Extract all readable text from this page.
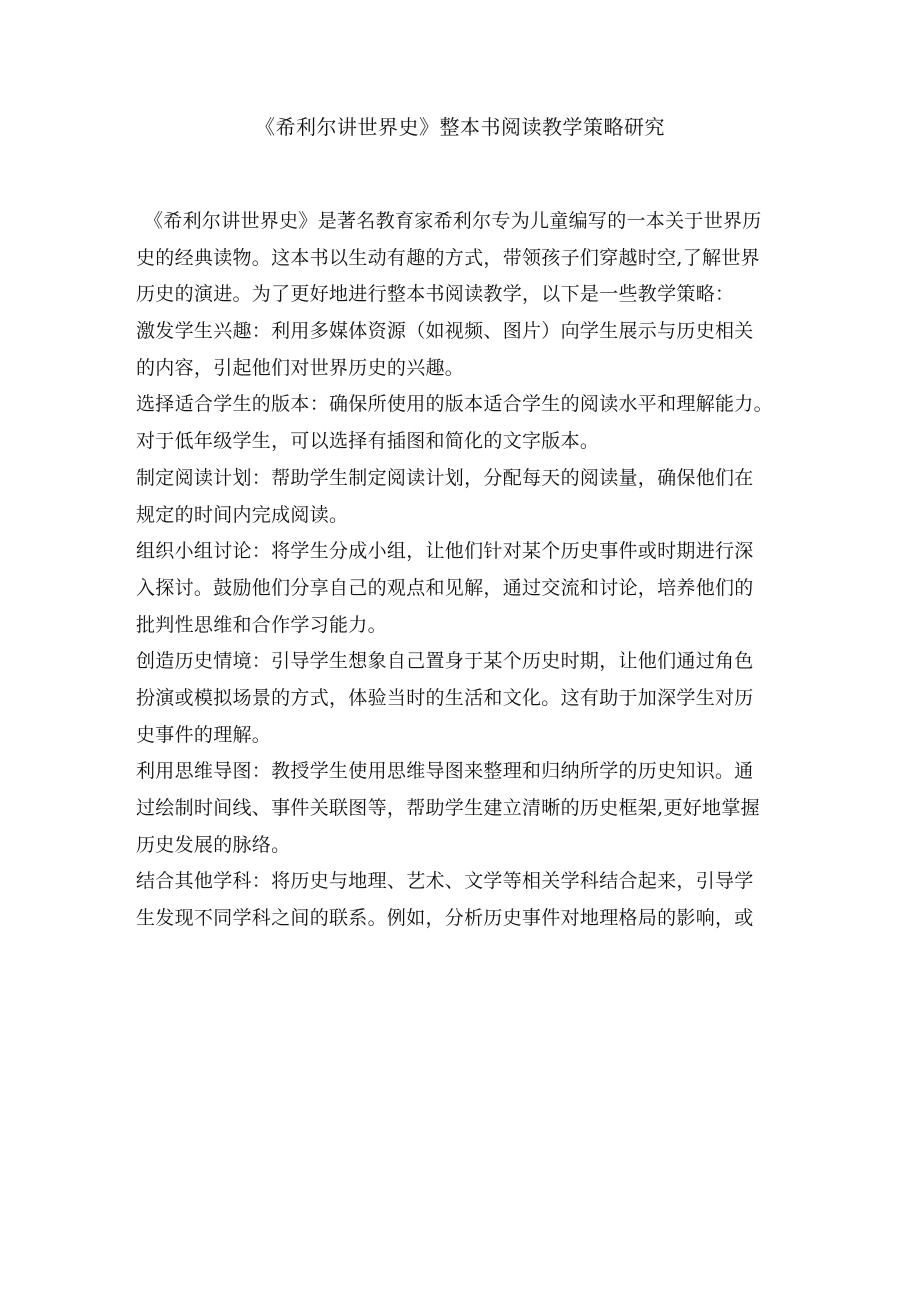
《希利尔讲世界史》整本书阅读教学策略研究
《希利尔讲世界史》是著名教育家希利尔专为儿童编写的一本关于世界历
史的经典读物。这本书以生动有趣的方式，带领孩子们穿越时空,了解世界
历史的演进。为了更好地进行整本书阅读教学，以下是一些教学策略：
激发学生兴趣：利用多媒体资源（如视频、图片）向学生展示与历史相关
的内容，引起他们对世界历史的兴趣。
选择适合学生的版本：确保所使用的版本适合学生的阅读水平和理解能力。
对于低年级学生，可以选择有插图和简化的文字版本。
制定阅读计划：帮助学生制定阅读计划，分配每天的阅读量，确保他们在
规定的时间内完成阅读。
组织小组讨论：将学生分成小组，让他们针对某个历史事件或时期进行深
入探讨。鼓励他们分享自己的观点和见解，通过交流和讨论，培养他们的
批判性思维和合作学习能力。
创造历史情境：引导学生想象自己置身于某个历史时期，让他们通过角色
扮演或模拟场景的方式，体验当时的生活和文化。这有助于加深学生对历
史事件的理解。
利用思维导图：教授学生使用思维导图来整理和归纳所学的历史知识。通
过绘制时间线、事件关联图等，帮助学生建立清晰的历史框架,更好地掌握
历史发展的脉络。
结合其他学科：将历史与地理、艺术、文学等相关学科结合起来，引导学
生发现不同学科之间的联系。例如，分析历史事件对地理格局的影响，或
